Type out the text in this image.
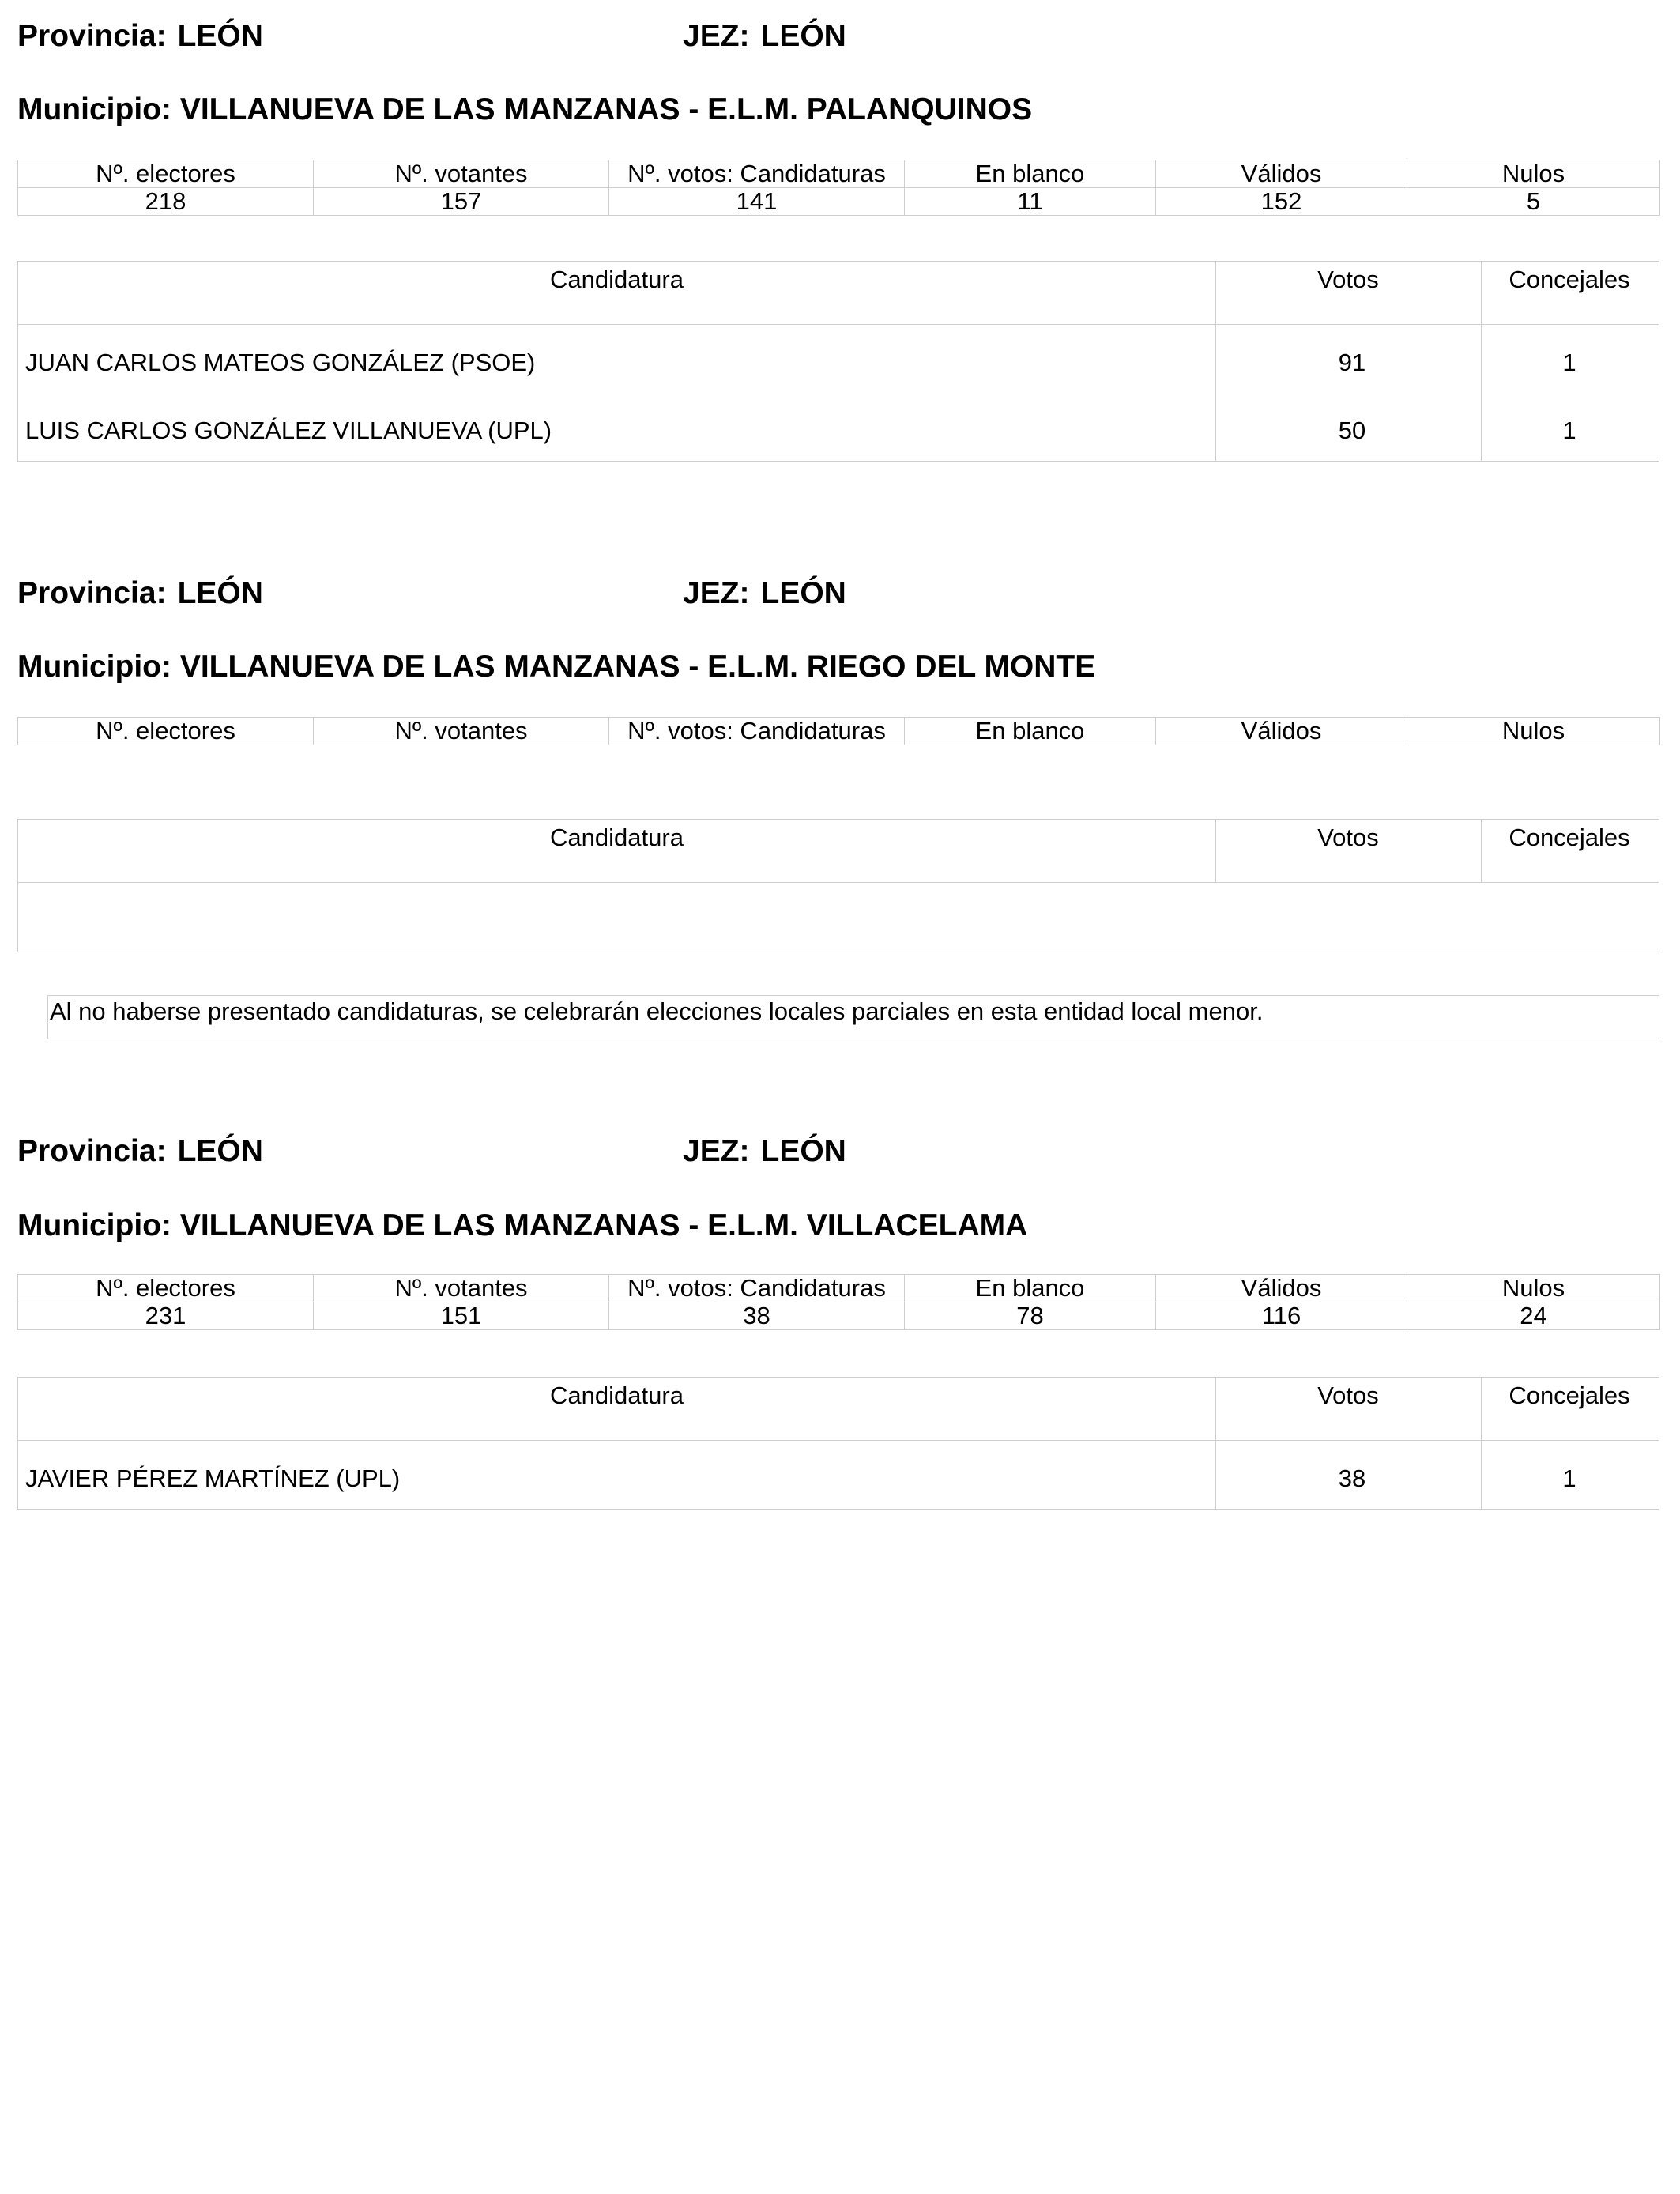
Provincia: LEÓN	JEZ: LEÓN
Municipio: VILLANUEVA DE LAS MANZANAS - E.L.M. PALANQUINOS
Nº. electores	Nº. votantes	Nº. votos: Candidaturas	En blanco	Válidos	Nulos
218	157	141	11	152	5
Candidatura	Votos	Concejales
JUAN CARLOS MATEOS GONZÁLEZ (PSOE)	91	1
LUIS CARLOS GONZÁLEZ VILLANUEVA (UPL)	50	1
Provincia: LEÓN	JEZ: LEÓN
Municipio: VILLANUEVA DE LAS MANZANAS - E.L.M. RIEGO DEL MONTE
Nº. electores	Nº. votantes	Nº. votos: Candidaturas	En blanco	Válidos	Nulos
Candidatura	Votos	Concejales
Al no haberse presentado candidaturas, se celebrarán elecciones locales parciales en esta entidad local menor.
Provincia: LEÓN	JEZ: LEÓN
Municipio: VILLANUEVA DE LAS MANZANAS - E.L.M. VILLACELAMA
Nº. electores	Nº. votantes	Nº. votos: Candidaturas	En blanco	Válidos	Nulos
231	151	38	78	116	24
Candidatura	Votos	Concejales
JAVIER PÉREZ MARTÍNEZ (UPL)	38	1
